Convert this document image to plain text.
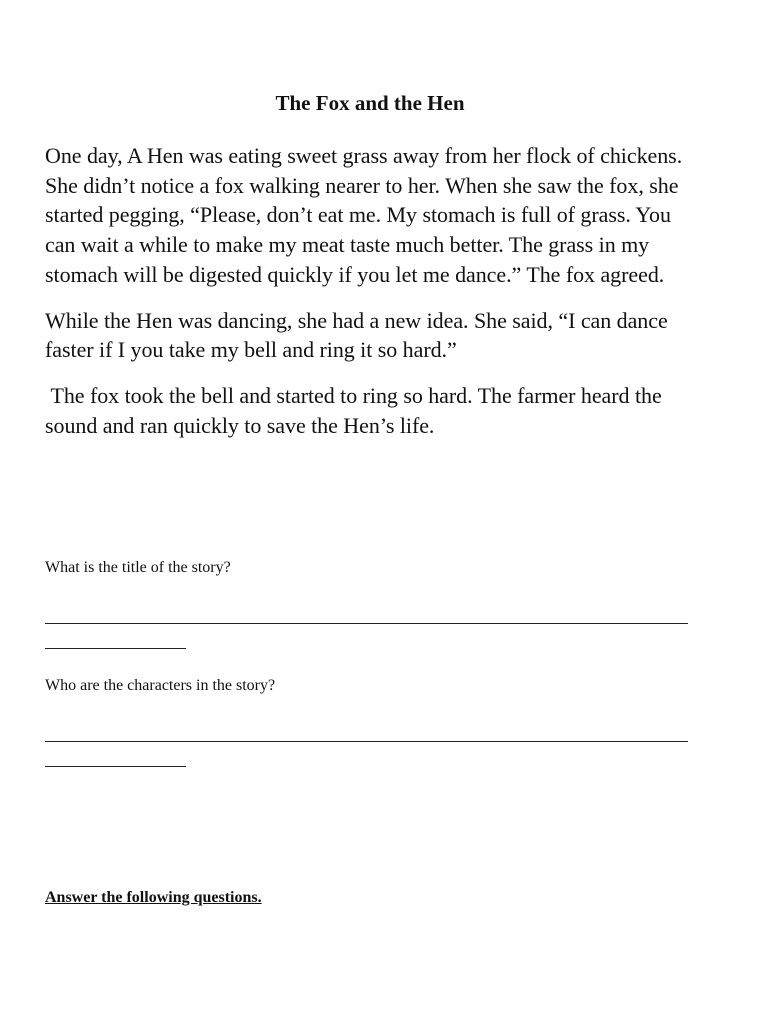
The Fox and the Hen

One day, A Hen was eating sweet grass away from her flock of chickens. She didn’t notice a fox walking nearer to her. When she saw the fox, she started pegging, “Please, don’t eat me. My stomach is full of grass. You can wait a while to make my meat taste much better. The grass in my stomach will be digested quickly if you let me dance.” The fox agreed.

While the Hen was dancing, she had a new idea. She said, “I can dance faster if I you take my bell and ring it so hard.”

The fox took the bell and started to ring so hard. The farmer heard the sound and ran quickly to save the Hen’s life.

What is the title of the story?
Who are the characters in the story?
Answer the following questions.
